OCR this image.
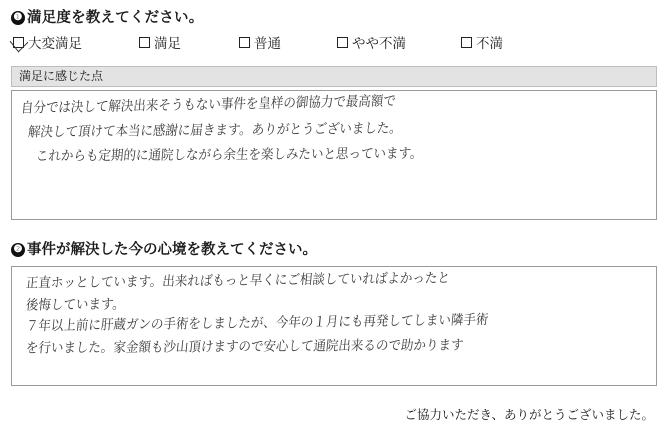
❶ 満足度を教えてください。
大変満足	満足	普通	やや不満	不満
満足に感じた点
自分では決して解決出来そうもない事件を皇样の御協力で最高額で
解決して頂けて本当に感謝に届きます。ありがとうございました。
これからも定期的に通院しながら余生を楽しみたいと思っています。
❷ 事件が解決した今の心境を教えてください。
正直ホッとしています。出来ればもっと早くにご相談していればよかったと
後悔しています。
７年以上前に肝蔵ガンの手術をしましたが、今年の１月にも再発してしまい隣手術
を行いました。家金額も沙山頂けますので安心して通院出来るので助かります
ご協力いただき、ありがとうございました。
